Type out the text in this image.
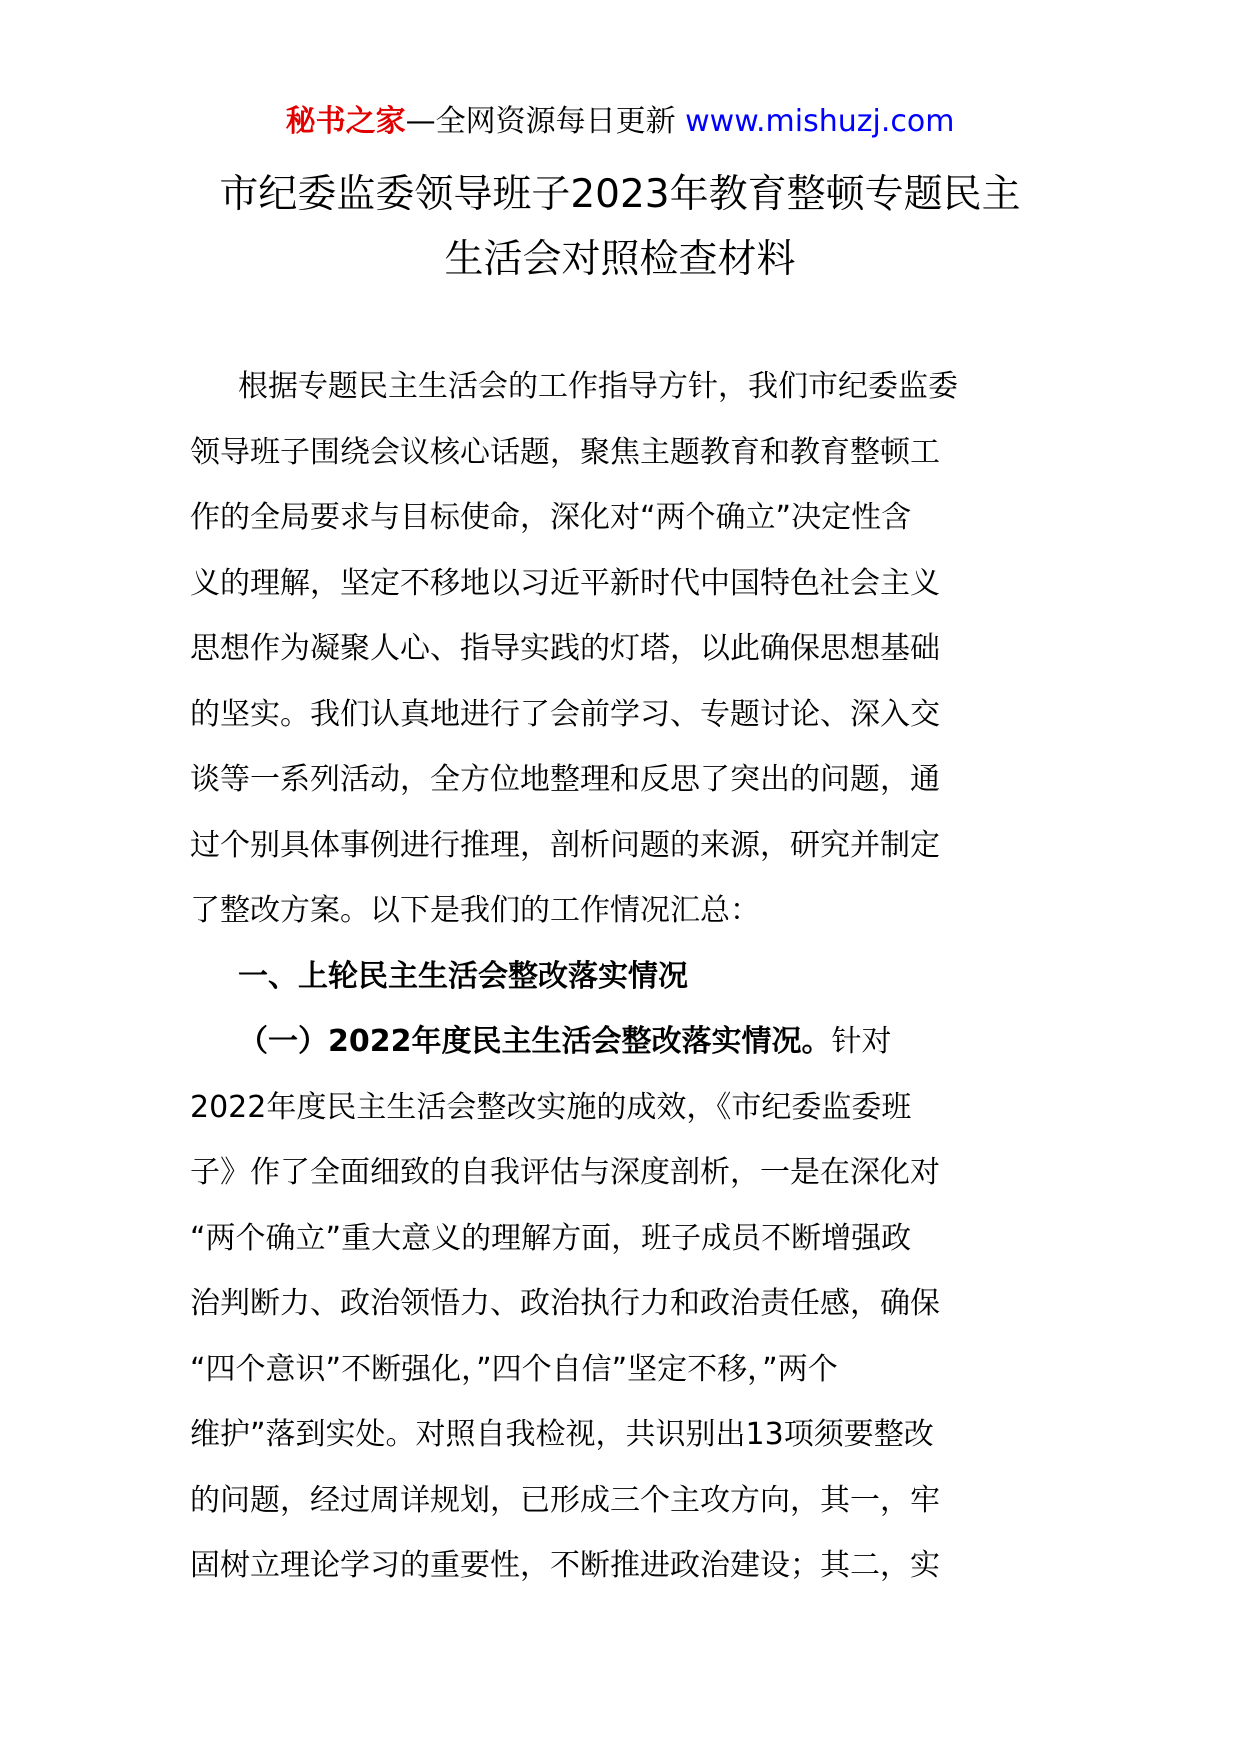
秘书之家—全网资源每日更新 www.mishuzj.com
市纪委监委领导班子2023年教育整顿专题民主
生活会对照检查材料
根据专题民主生活会的工作指导方针，我们市纪委监委
领导班子围绕会议核心话题，聚焦主题教育和教育整顿工
作的全局要求与目标使命，深化对“两个确立”决定性含
义的理解，坚定不移地以习近平新时代中国特色社会主义
思想作为凝聚人心、指导实践的灯塔，以此确保思想基础
的坚实。我们认真地进行了会前学习、专题讨论、深入交
谈等一系列活动，全方位地整理和反思了突出的问题，通
过个别具体事例进行推理，剖析问题的来源，研究并制定
了整改方案。以下是我们的工作情况汇总：
一、上轮民主生活会整改落实情况
（一）2022年度民主生活会整改落实情况。针对
2022年度民主生活会整改实施的成效，《市纪委监委班
子》作了全面细致的自我评估与深度剖析，一是在深化对
“两个确立”重大意义的理解方面，班子成员不断增强政
治判断力、政治领悟力、政治执行力和政治责任感，确保
“四个意识”不断强化，”四个自信”坚定不移，”两个
维护”落到实处。对照自我检视，共识别出13项须要整改
的问题，经过周详规划，已形成三个主攻方向，其一，牢
固树立理论学习的重要性，不断推进政治建设；其二，实
